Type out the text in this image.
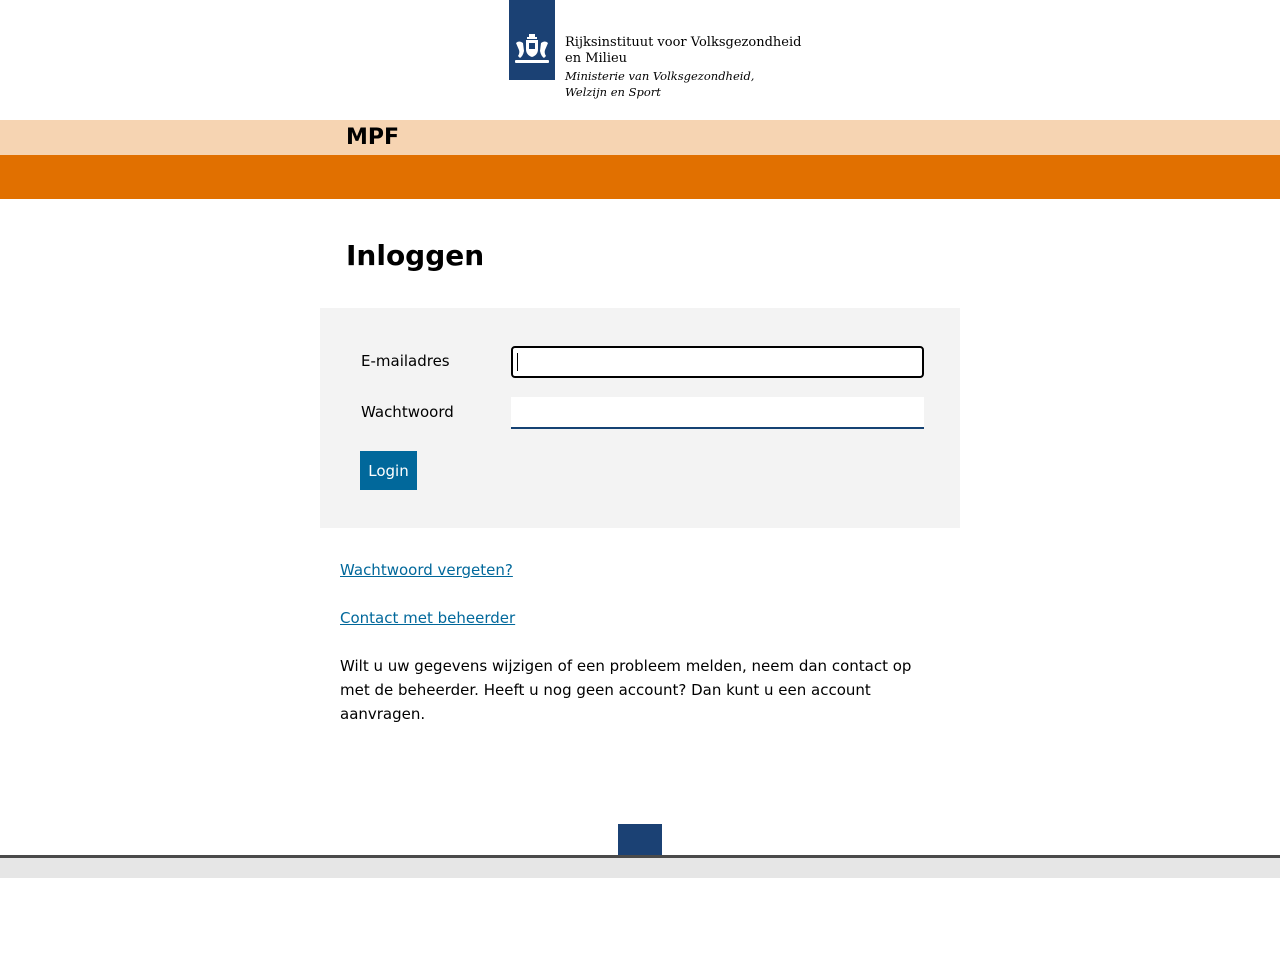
Rijksinstituut voor Volksgezondheid
en Milieu
Ministerie van Volksgezondheid,
Welzijn en Sport
MPF
Inloggen
E-mailadres
Wachtwoord
Login
Wachtwoord vergeten?
Contact met beheerder

Wilt u uw gegevens wijzigen of een probleem melden, neem dan contact op met de beheerder. Heeft u nog geen account? Dan kunt u een account aanvragen.
